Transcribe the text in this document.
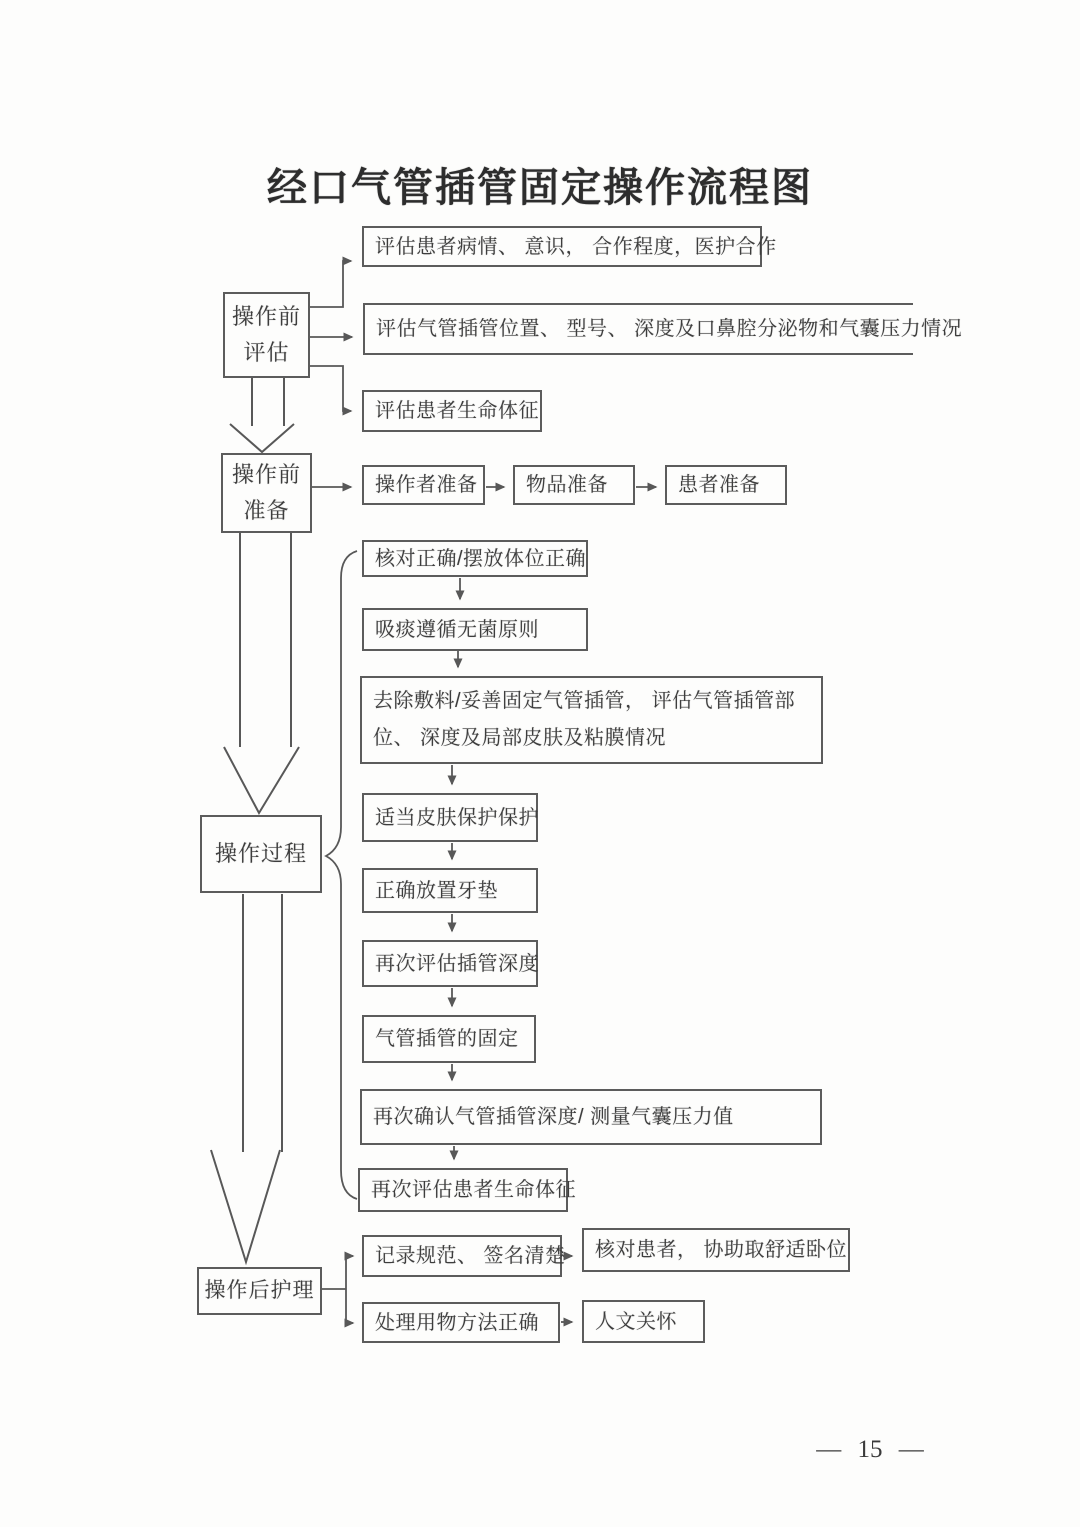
经口气管插管固定操作流程图
操作前
评估
操作前
准备
操作过程
操作后护理
评估患者病情、 意识， 合作程度，医护合作
评估气管插管位置、 型号、 深度及口鼻腔分泌物和气囊压力情况
评估患者生命体征
操作者准备	物品准备	患者准备
核对正确/摆放体位正确
吸痰遵循无菌原则
去除敷料/妥善固定气管插管， 评估气管插管部位、 深度及局部皮肤及粘膜情况
适当皮肤保护保护
正确放置牙垫
再次评估插管深度
气管插管的固定
再次确认气管插管深度/ 测量气囊压力值
再次评估患者生命体征
记录规范、 签名清楚	核对患者， 协助取舒适卧位
处理用物方法正确	人文关怀
— 15 —
